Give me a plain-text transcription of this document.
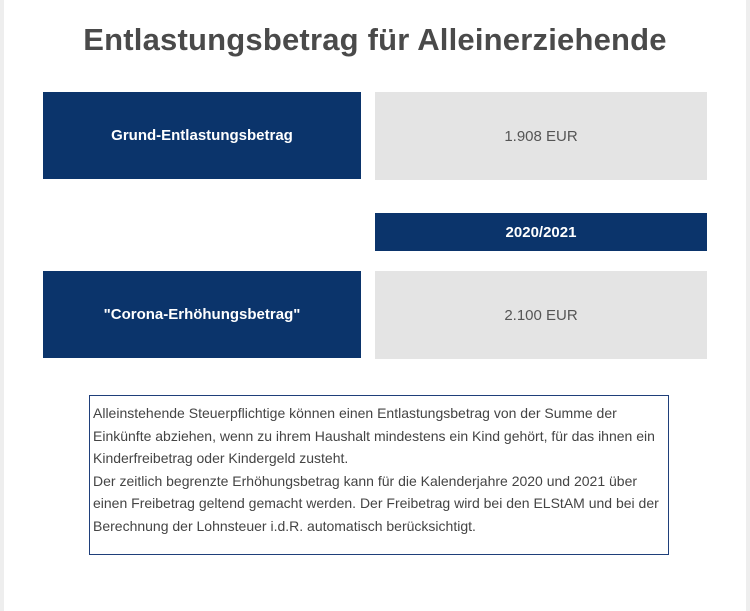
Entlastungsbetrag für Alleinerziehende
Grund-Entlastungsbetrag	1.908 EUR
2020/2021
"Corona-Erhöhungsbetrag"	2.100 EUR

Alleinstehende Steuerpflichtige können einen Entlastungsbetrag von der Summe der Einkünfte abziehen, wenn zu ihrem Haushalt mindestens ein Kind gehört, für das ihnen ein Kinderfreibetrag oder Kindergeld zusteht.

Der zeitlich begrenzte Erhöhungsbetrag kann für die Kalenderjahre 2020 und 2021 über einen Freibetrag geltend gemacht werden. Der Freibetrag wird bei den ELStAM und bei der Berechnung der Lohnsteuer i.d.R. automatisch berücksichtigt.
